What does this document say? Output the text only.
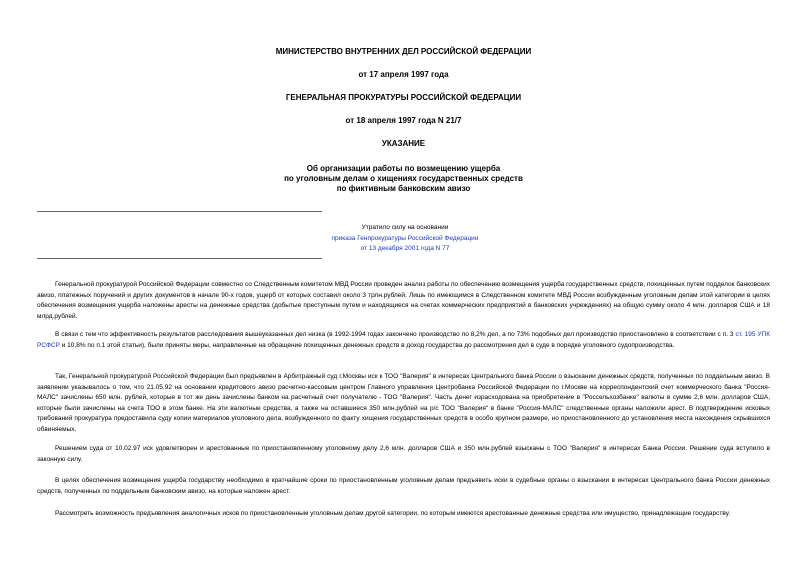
МИНИСТЕРСТВО ВНУТРЕННИХ ДЕЛ РОССИЙСКОЙ ФЕДЕРАЦИИ
от 17 апреля 1997 года
ГЕНЕРАЛЬНАЯ ПРОКУРАТУРЫ РОССИЙСКОЙ ФЕДЕРАЦИИ
от 18 апреля 1997 года N 21/7
УКАЗАНИЕ
Об организации работы по возмещению ущерба
по уголовным делам о хищениях государственных средств
по фиктивным банковским авизо
Утратило силу на основании
приказа Генпрокуратуры Российской Федерации
от 13 декабря 2001 года N 77
Генеральной прокуратурой Российской Федерации совместно со Следственным комитетом МВД России проведен анализ работы по обеспечению возмещения ущерба государственных средств, похищенных путем подделок банковских авизо, платежных поручений и других документов в начале 90-х годов, ущерб от которых составил около 3 трлн.рублей. Лишь по имеющимся в Следственном комитете МВД России возбужденным уголовным делам этой категории в целях обеспечения возмещения ущерба наложены аресты на денежные средства (добытые преступным путем и находящиеся на счетах коммерческих предприятий в банковских учреждениях) на общую сумму около 4 млн. долларов США и 18 млрд.рублей.
В связи с тем что эффективность результатов расследования вышеуказанных дел низка (в 1992-1994 годах закончено производство по 8,2% дел, а по 73% подобных дел производство приостановлено в соответствии с п. 3 ст. 195 УПК РСФСР и 10,8% по п.1 этой статьи), были приняты меры, направленные на обращение похищенных денежных средств в доход государства до рассмотрения дел в суде в порядке уголовного судопроизводства.
Так, Генеральной прокуратурой Российской Федерации был предъявлен в Арбитражный суд г.Москвы иск к ТОО "Валерия" в интересах Центрального банка России о взыскании денежных средств, полученных по поддельным авизо. В заявлении указывалось о том, что 21.05.92 на основании кредитового авизо расчетно-кассовым центром Главного управления Центробанка Российской Федерации по г.Москве на корреспондентский счет коммерческого банка "Россия-МАЛС" зачислены 650 млн. рублей, которые в тот же день зачислены банком на расчетный счет получателю - ТОО "Валерия". Часть денег израсходована на приобретение в "Россельхозбанке" валюты в сумме 2,6 млн. долларов США, которые были зачислены на счета ТОО в этом банке. На эти валютные средства, а также на оставшиеся 350 млн.рублей на р/с ТОО "Валерия" в банке "Россия-МАЛС" следственные органы наложили арест. В подтверждение исковых требований прокуратура предоставила суду копии материалов уголовного дела, возбужденного по факту хищения государственных средств в особо крупном размере, но приостановленного до установления места нахождения скрывшихся обвиняемых.
Решением суда от 10.02.97 иск удовлетворен и арестованные по приостановленному уголовному делу 2,6 млн. долларов США и 350 млн.рублей взысканы с ТОО "Валерия" в интересах Банка России. Решение суда вступило в законную силу.
В целях обеспечения возмещения ущерба государству необходимо в кратчайшие сроки по приостановленным уголовным делам предъявить иски в судебные органы о взыскании в интересах Центрального банка России денежных средств, полученных по поддельным банковским авизо, на которые наложен арест.
Рассмотреть возможность предъявления аналогичных исков по приостановленным уголовным делам другой категории, по которым имеются арестованные денежные средства или имущество, принадлежащие государству.
